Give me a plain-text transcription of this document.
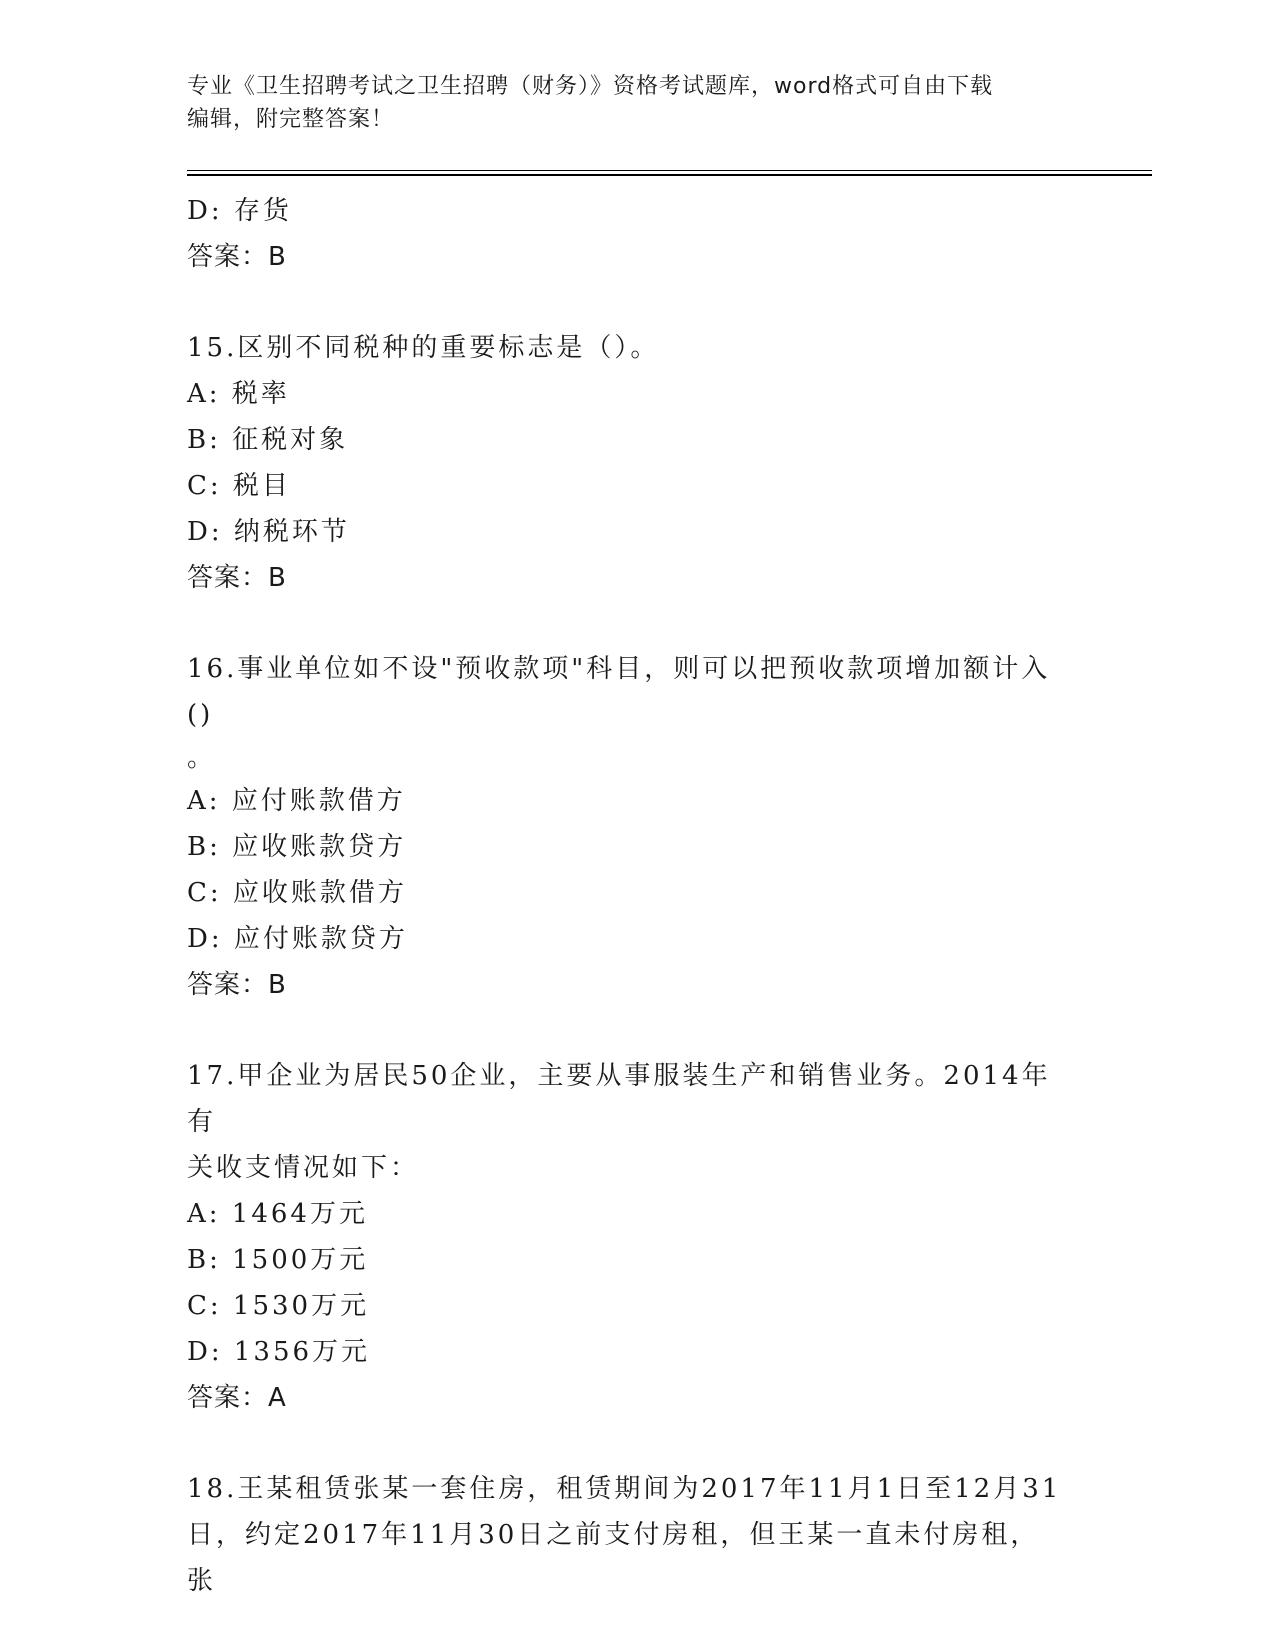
专业《卫生招聘考试之卫生招聘（财务）》资格考试题库，word格式可自由下载
编辑，附完整答案！
D: 存货
答案：B
15.区别不同税种的重要标志是（）。
A: 税率
B: 征税对象
C: 税目
D: 纳税环节
答案：B
16.事业单位如不设"预收款项"科目，则可以把预收款项增加额计入()
。
A: 应付账款借方
B: 应收账款贷方
C: 应收账款借方
D: 应付账款贷方
答案：B
17.甲企业为居民50企业，主要从事服装生产和销售业务。2014年有
关收支情况如下：
A: 1464万元
B: 1500万元
C: 1530万元
D: 1356万元
答案：A
18.王某租赁张某一套住房，租赁期间为2017年11月1日至12月31
日，约定2017年11月30日之前支付房租，但王某一直未付房租，张
